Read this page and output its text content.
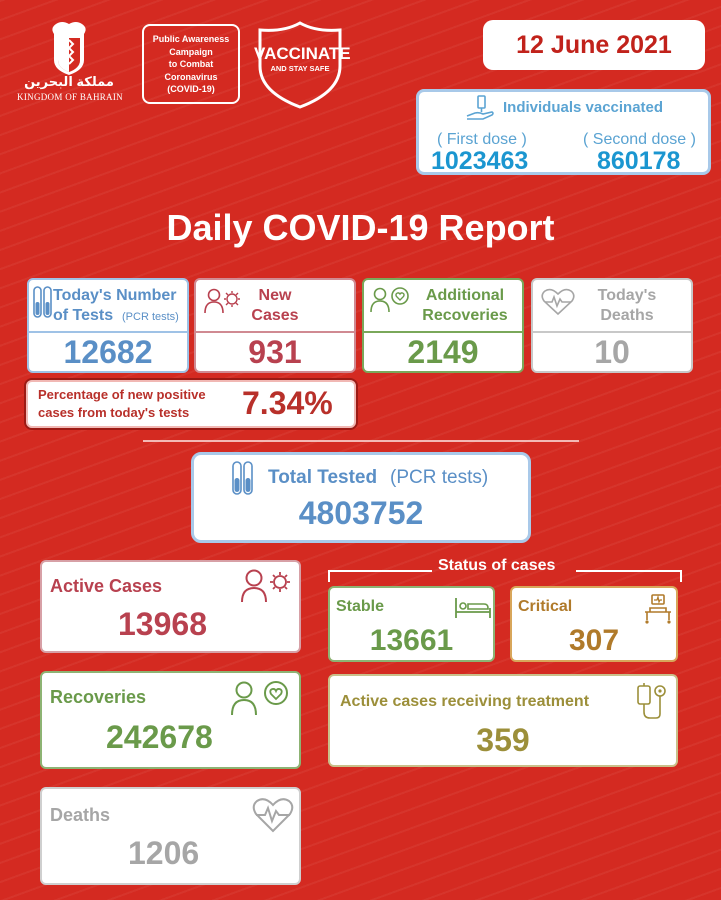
مملكة البحرين
KINGDOM OF BAHRAIN
Public Awareness
Campaign
to Combat
Coronavirus
(COVID-19)
VACCINATE
AND STAY SAFE
12 June 2021
Individuals vaccinated
( First dose )
1023463
( Second dose )
860178
Daily COVID-19 Report
Today's Number
of Tests (PCR tests)
12682
New
Cases
931
Additional
Recoveries
2149
Today's
Deaths
10
Percentage of new positive
cases from today's tests 7.34%
Total Tested (PCR tests)
4803752
Active Cases
13968
Recoveries
242678
Deaths
1206
Status of cases
Stable
13661
Critical
307
Active cases receiving treatment
359
